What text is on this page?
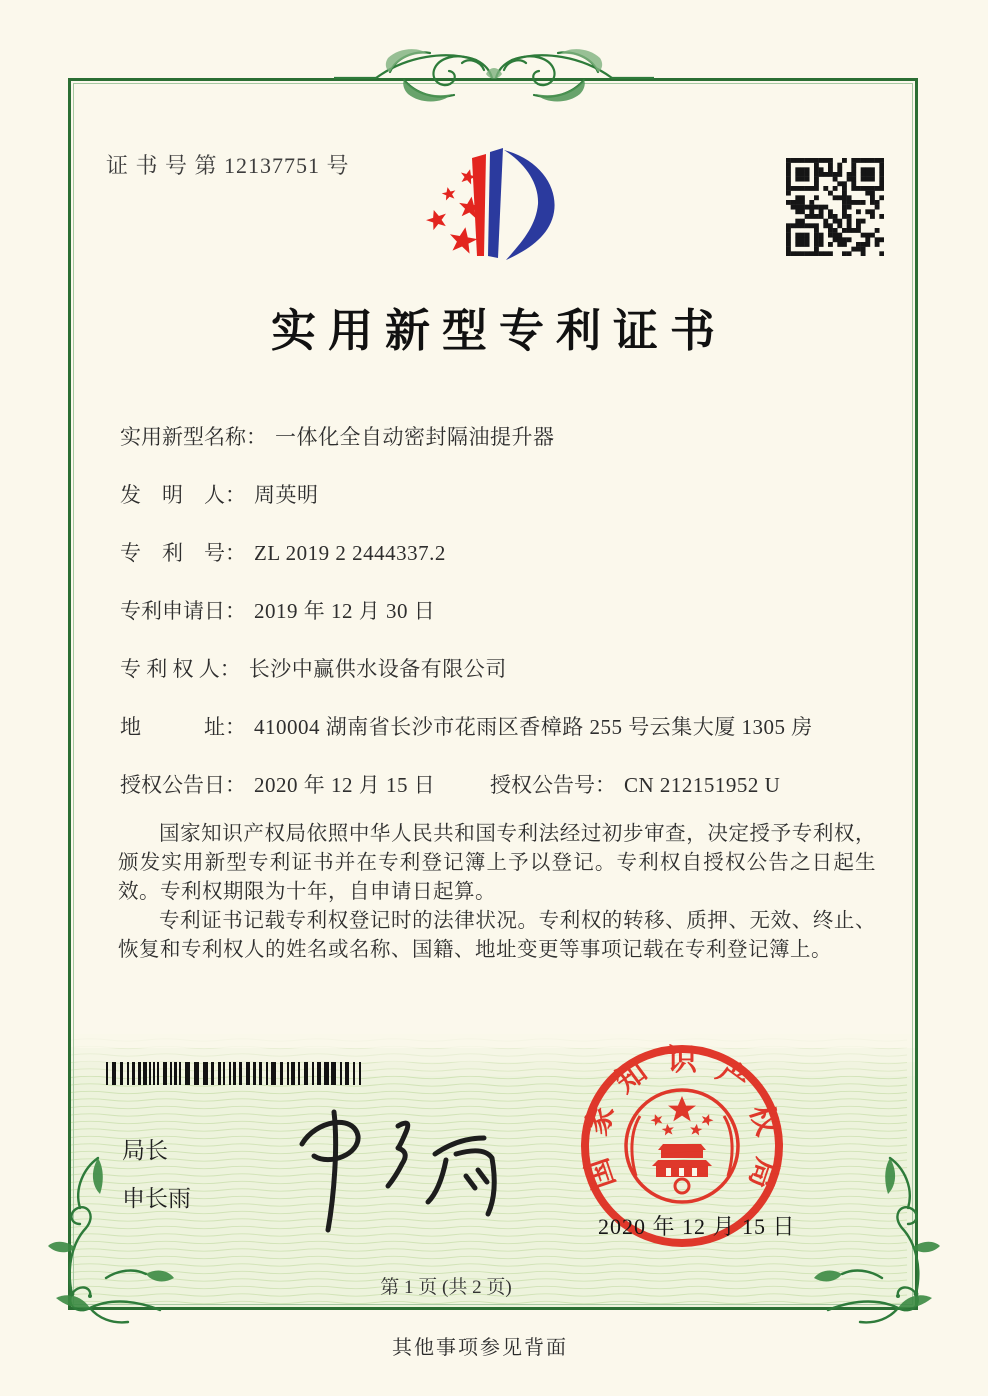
证 书 号 第 12137751 号
实用新型专利证书
实用新型名称： 一体化全自动密封隔油提升器
发　明　人： 周英明
专　利　号： ZL 2019 2 2444337.2
专利申请日： 2019 年 12 月 30 日
专 利 权 人： 长沙中赢供水设备有限公司
地　　　址： 410004 湖南省长沙市花雨区香樟路 255 号云集大厦 1305 房
授权公告日： 2020 年 12 月 15 日	授权公告号： CN 212151952 U

国家知识产权局依照中华人民共和国专利法经过初步审查，决定授予专利权，颁发实用新型专利证书并在专利登记簿上予以登记。专利权自授权公告之日起生效。专利权期限为十年，自申请日起算。

专利证书记载专利权登记时的法律状况。专利权的转移、质押、无效、终止、恢复和专利权人的姓名或名称、国籍、地址变更等事项记载在专利登记簿上。

局长
申长雨
国家知识产权局
2020 年 12 月 15 日
第 1 页 (共 2 页)
其他事项参见背面
